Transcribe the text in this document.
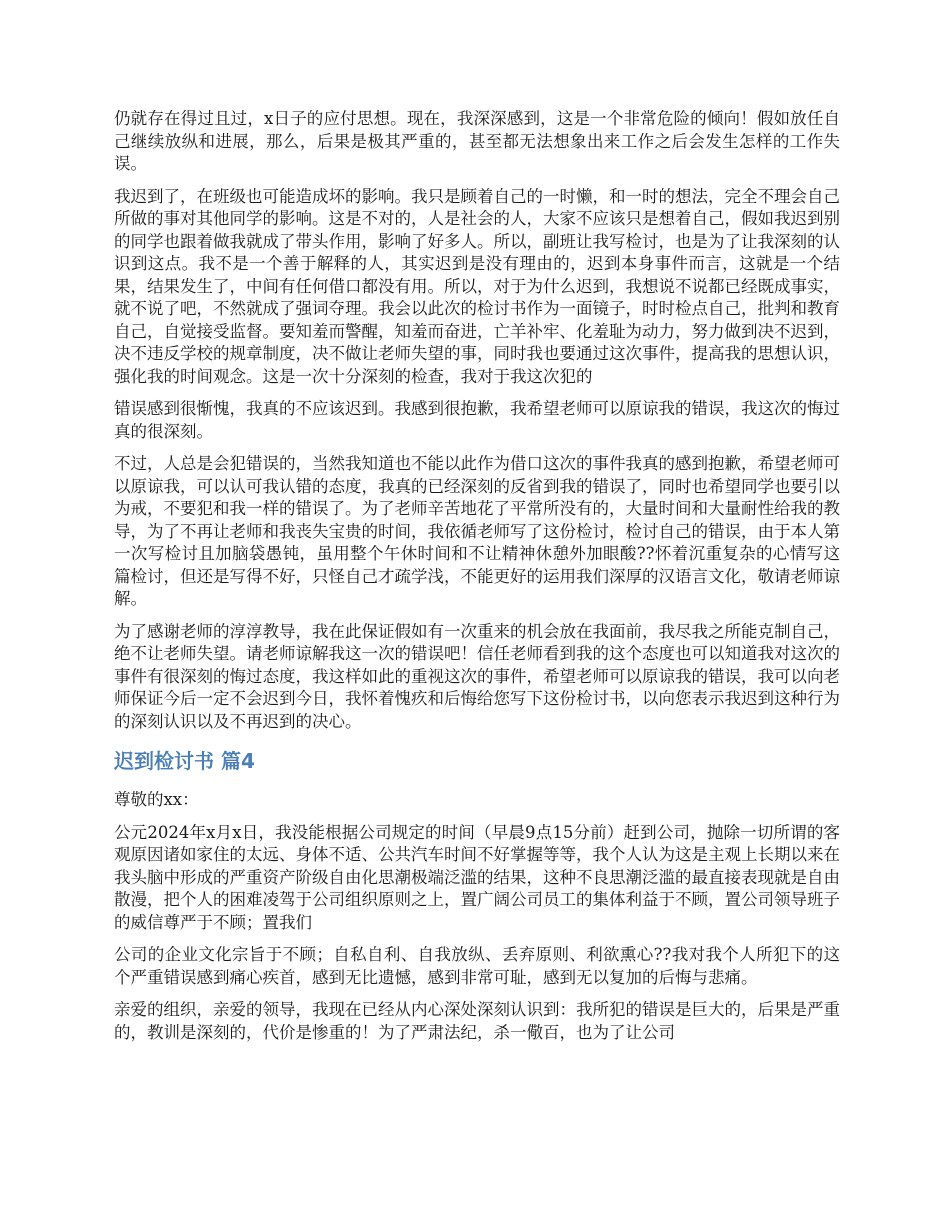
仍就存在得过且过，x日子的应付思想。现在，我深深感到，这是一个非常危险的倾向！假如放任自己继续放纵和进展，那么，后果是极其严重的，甚至都无法想象出来工作之后会发生怎样的工作失误。

我迟到了，在班级也可能造成坏的影响。我只是顾着自己的一时懒，和一时的想法，完全不理会自己所做的事对其他同学的影响。这是不对的，人是社会的人，大家不应该只是想着自己，假如我迟到别的同学也跟着做我就成了带头作用，影响了好多人。所以，副班让我写检讨，也是为了让我深刻的认识到这点。我不是一个善于解释的人，其实迟到是没有理由的，迟到本身事件而言，这就是一个结果，结果发生了，中间有任何借口都没有用。所以，对于为什么迟到，我想说不说都已经既成事实，就不说了吧，不然就成了强词夺理。我会以此次的检讨书作为一面镜子，时时检点自己，批判和教育自己，自觉接受监督。要知羞而警醒，知羞而奋进，亡羊补牢、化羞耻为动力，努力做到决不迟到，决不违反学校的规章制度，决不做让老师失望的事，同时我也要通过这次事件，提高我的思想认识，强化我的时间观念。这是一次十分深刻的检查，我对于我这次犯的

错误感到很惭愧，我真的不应该迟到。我感到很抱歉，我希望老师可以原谅我的错误，我这次的悔过真的很深刻。

不过，人总是会犯错误的，当然我知道也不能以此作为借口这次的事件我真的感到抱歉，希望老师可以原谅我，可以认可我认错的态度，我真的已经深刻的反省到我的错误了，同时也希望同学也要引以为戒，不要犯和我一样的错误了。为了老师辛苦地花了平常所没有的，大量时间和大量耐性给我的教导，为了不再让老师和我丧失宝贵的时间，我依循老师写了这份检讨，检讨自己的错误，由于本人第一次写检讨且加脑袋愚钝，虽用整个午休时间和不让精神休憩外加眼酸??怀着沉重复杂的心情写这篇检讨，但还是写得不好，只怪自己才疏学浅，不能更好的运用我们深厚的汉语言文化，敬请老师谅解。

为了感谢老师的淳淳教导，我在此保证假如有一次重来的机会放在我面前，我尽我之所能克制自己，绝不让老师失望。请老师谅解我这一次的错误吧！信任老师看到我的这个态度也可以知道我对这次的事件有很深刻的悔过态度，我这样如此的重视这次的事件，希望老师可以原谅我的错误，我可以向老师保证今后一定不会迟到今日，我怀着愧疚和后悔给您写下这份检讨书，以向您表示我迟到这种行为的深刻认识以及不再迟到的决心。

迟到检讨书 篇4

尊敬的xx：

公元2024年x月x日，我没能根据公司规定的时间（早晨9点15分前）赶到公司，抛除一切所谓的客观原因诸如家住的太远、身体不适、公共汽车时间不好掌握等等，我个人认为这是主观上长期以来在我头脑中形成的严重资产阶级自由化思潮极端泛滥的结果，这种不良思潮泛滥的最直接表现就是自由散漫，把个人的困难凌驾于公司组织原则之上，置广阔公司员工的集体利益于不顾，置公司领导班子的威信尊严于不顾；置我们

公司的企业文化宗旨于不顾；自私自利、自我放纵、丢弃原则、利欲熏心??我对我个人所犯下的这个严重错误感到痛心疾首，感到无比遗憾，感到非常可耻，感到无以复加的后悔与悲痛。

亲爱的组织，亲爱的领导，我现在已经从内心深处深刻认识到：我所犯的错误是巨大的，后果是严重的，教训是深刻的，代价是惨重的！为了严肃法纪，杀一儆百，也为了让公司
